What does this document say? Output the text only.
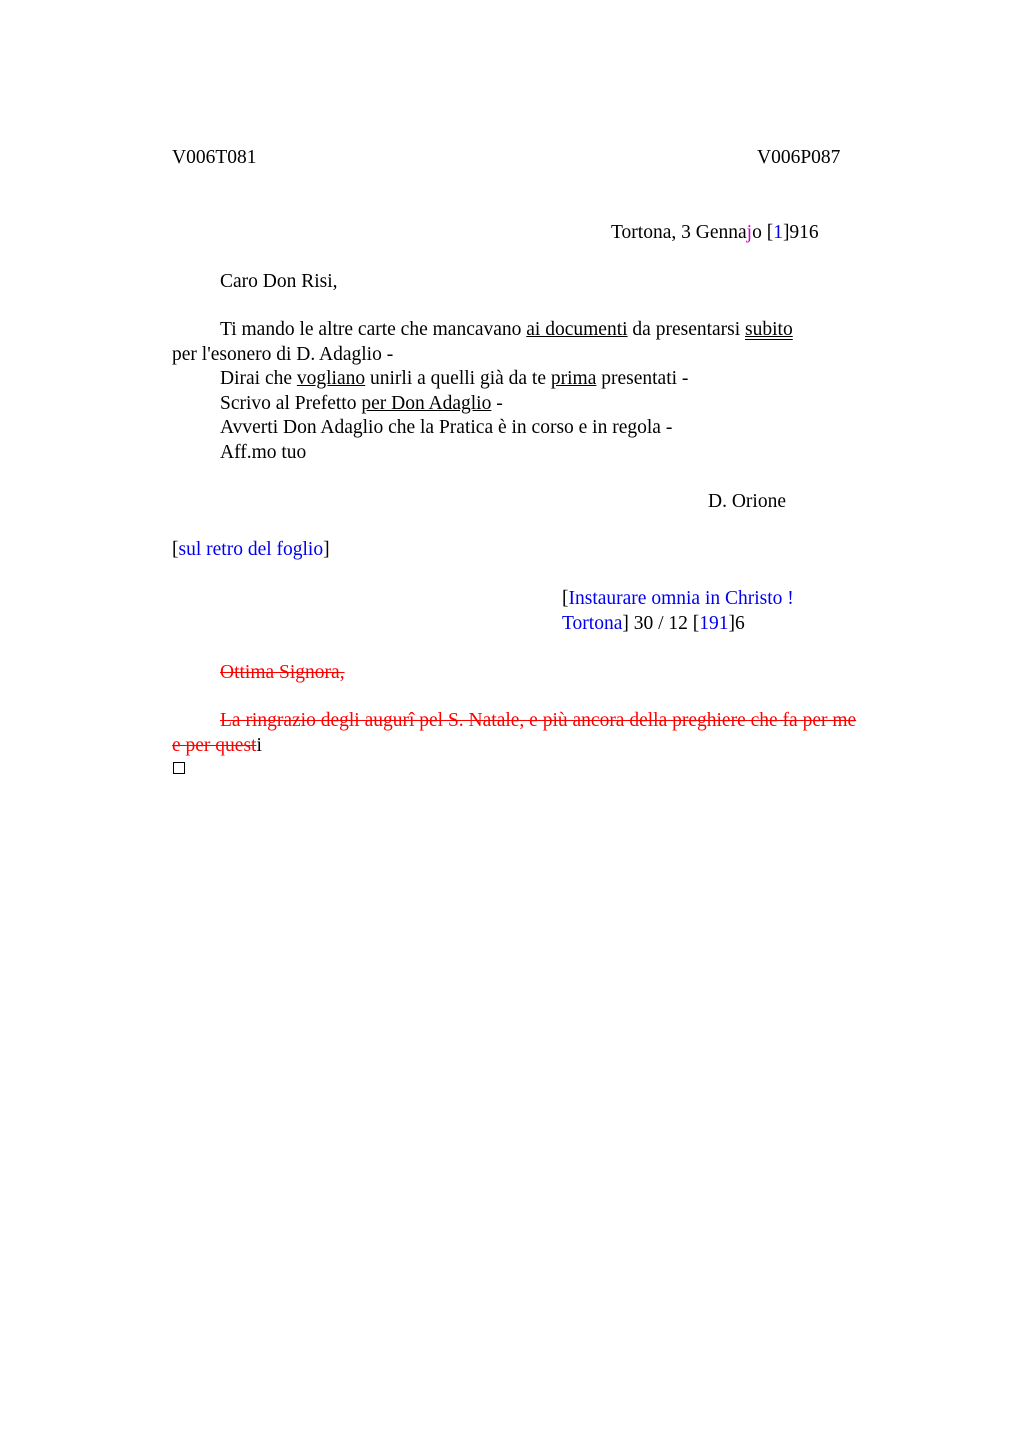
V006T081	V006P087
Tortona, 3 Gennajo [1]916
Caro Don Risi,
Ti mando le altre carte che mancavano ai documenti da presentarsi subito
per l'esonero di D. Adaglio -
Dirai che vogliano unirli a quelli già da te prima presentati -
Scrivo al Prefetto per Don Adaglio -
Avverti Don Adaglio che la Pratica è in corso e in regola -
Aff.mo tuo
D. Orione
[sul retro del foglio]
[Instaurare omnia in Christo !
Tortona] 30 / 12 [191]6
Ottima Signora,
La ringrazio degli augurî pel S. Natale, e più ancora della preghiere che fa per me
e per questi
